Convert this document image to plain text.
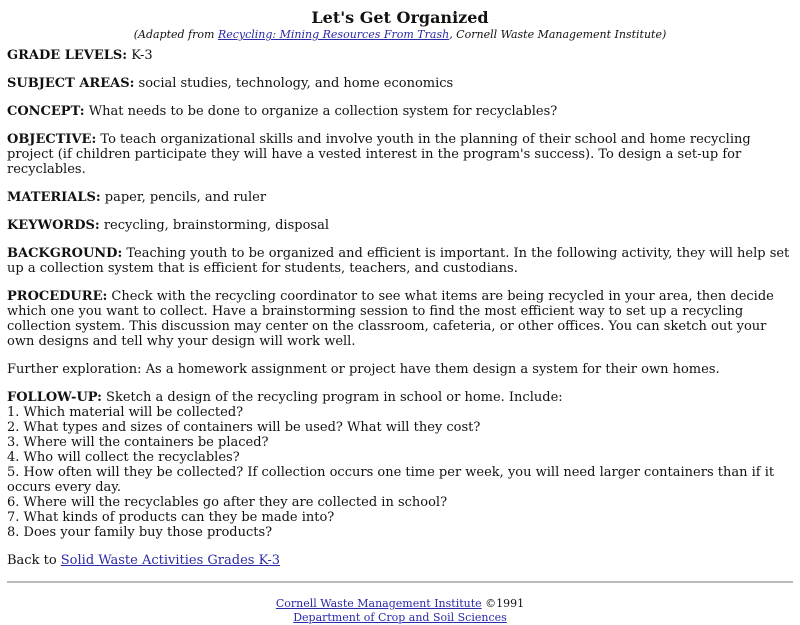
Let's Get Organized
(Adapted from Recycling: Mining Resources From Trash, Cornell Waste Management Institute)

GRADE LEVELS: K-3

SUBJECT AREAS: social studies, technology, and home economics

CONCEPT: What needs to be done to organize a collection system for recyclables?

OBJECTIVE: To teach organizational skills and involve youth in the planning of their school and home recycling project (if children participate they will have a vested interest in the program's success). To design a set-up for recyclables.

MATERIALS: paper, pencils, and ruler

KEYWORDS: recycling, brainstorming, disposal

BACKGROUND: Teaching youth to be organized and efficient is important. In the following activity, they will help set up a collection system that is efficient for students, teachers, and custodians.

PROCEDURE: Check with the recycling coordinator to see what items are being recycled in your area, then decide which one you want to collect. Have a brainstorming session to find the most efficient way to set up a recycling collection system. This discussion may center on the classroom, cafeteria, or other offices. You can sketch out your own designs and tell why your design will work well.

Further exploration: As a homework assignment or project have them design a system for their own homes.

FOLLOW-UP: Sketch a design of the recycling program in school or home. Include:
1. Which material will be collected?
2. What types and sizes of containers will be used? What will they cost?
3. Where will the containers be placed?
4. Who will collect the recyclables?
5. How often will they be collected? If collection occurs one time per week, you will need larger containers than if it occurs every day.
6. Where will the recyclables go after they are collected in school?
7. What kinds of products can they be made into?
8. Does your family buy those products?

Back to Solid Waste Activities Grades K-3

Cornell Waste Management Institute ©1991
Department of Crop and Soil Sciences
